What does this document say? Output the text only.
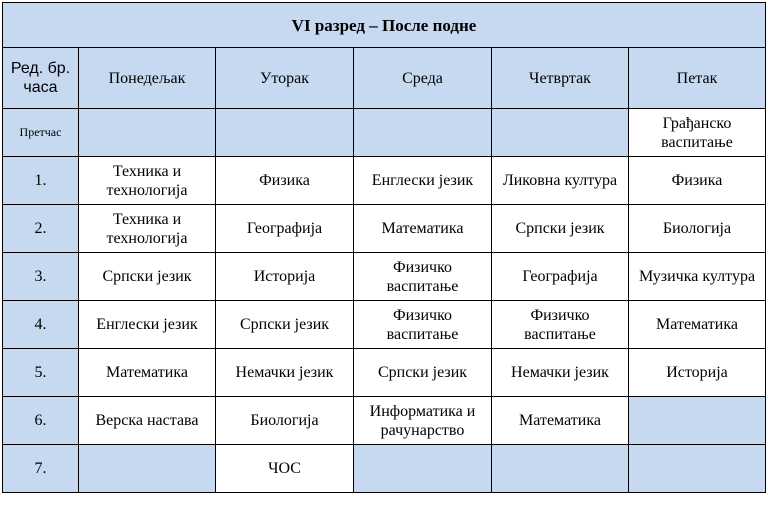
VI разред – После подне					
Ред. бр. часа	Понедељак	Уторак	Среда	Четвртак	Петак
Претчас					Грађанско васпитање
1.	Техника и технологија	Физика	Енглески језик	Ликовна култура	Физика
2.	Техника и технологија	Географија	Математика	Српски језик	Биологија
3.	Српски језик	Историја	Физичко васпитање	Географија	Музичка култура
4.	Енглески језик	Српски језик	Физичко васпитање	Физичко васпитање	Математика
5.	Математика	Немачки језик	Српски језик	Немачки језик	Историја
6.	Верска настава	Биологија	Информатика и рачунарство	Математика	
7.		ЧОС			
